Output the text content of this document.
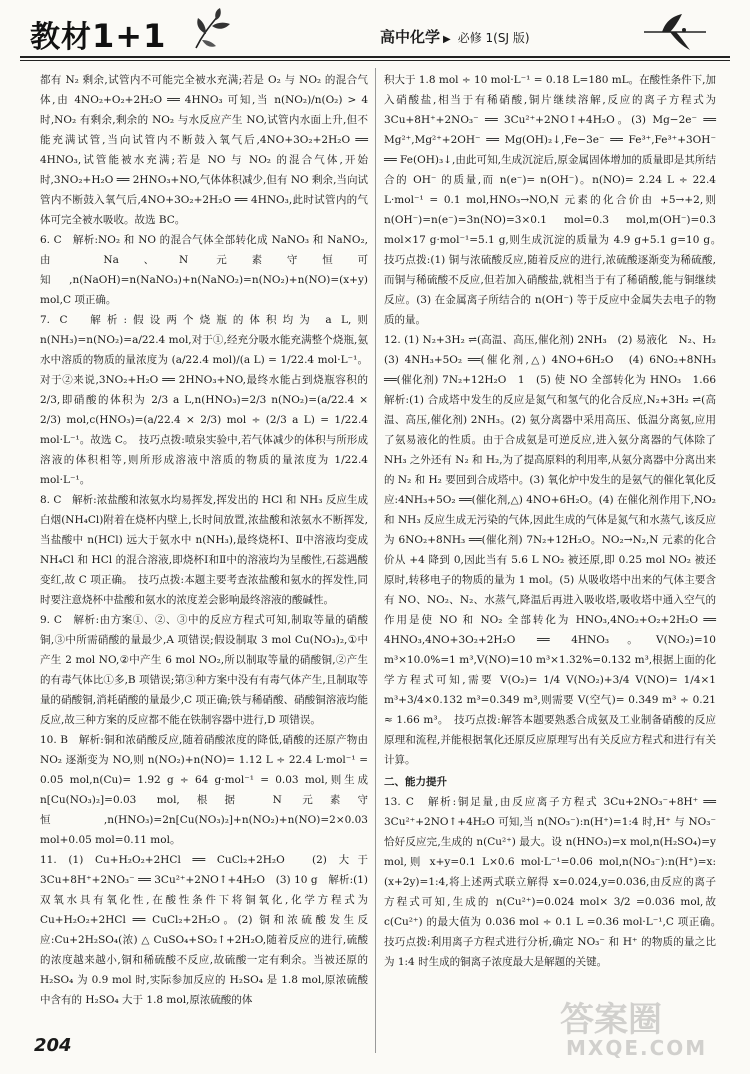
教材1+1	高中化学 ▶ 必修 1(SJ 版)

都有 N₂ 剩余,试管内不可能完全被水充满;若是 O₂ 与 NO₂ 的混合气体,由 4NO₂+O₂+2H₂O ══ 4HNO₃ 可知,当 n(NO₂)/n(O₂) > 4 时,NO₂ 有剩余,剩余的 NO₂ 与水反应产生 NO,试管内水面上升,但不能充满试管,当向试管内不断鼓入氧气后,4NO+3O₂+2H₂O ══ 4HNO₃,试管能被水充满;若是 NO 与 NO₂ 的混合气体,开始时,3NO₂+H₂O ══ 2HNO₃+NO,气体体积减少,但有 NO 剩余,当向试管内不断鼓入氧气后,4NO+3O₂+2H₂O ══ 4HNO₃,此时试管内的气体可完全被水吸收。故选 BC。

6. C　解析:NO₂ 和 NO 的混合气体全部转化成 NaNO₃ 和 NaNO₂,由 Na、N 元素守恒可知,n(NaOH)=n(NaNO₃)+n(NaNO₂)=n(NO₂)+n(NO)=(x+y) mol,C 项正确。

7. C　解析:假设两个烧瓶的体积均为 a L,则 n(NH₃)=n(NO₂)=a/22.4 mol,对于①,经充分吸水能充满整个烧瓶,氨水中溶质的物质的量浓度为 (a/22.4 mol)/(a L) = 1/22.4 mol·L⁻¹。对于②来说,3NO₂+H₂O ══ 2HNO₃+NO,最终水能占到烧瓶容积的 2/3,即硝酸的体积为 2/3 a L,n(HNO₃)=2/3 n(NO₂)=(a/22.4 × 2/3) mol,c(HNO₃)=(a/22.4 × 2/3) mol ÷ (2/3 a L) = 1/22.4 mol·L⁻¹。故选 C。　技巧点拨:喷泉实验中,若气体减少的体积与所形成溶液的体积相等,则所形成溶液中溶质的物质的量浓度为 1/22.4 mol·L⁻¹。

8. C　解析:浓盐酸和浓氨水均易挥发,挥发出的 HCl 和 NH₃ 反应生成白烟(NH₄Cl)附着在烧杯内壁上,长时间放置,浓盐酸和浓氨水不断挥发,当盐酸中 n(HCl) 远大于氨水中 n(NH₃),最终烧杯Ⅰ、Ⅱ中溶液均变成 NH₄Cl 和 HCl 的混合溶液,即烧杯Ⅰ和Ⅱ中的溶液均为呈酸性,石蕊遇酸变红,故 C 项正确。　技巧点拨:本题主要考查浓盐酸和氨水的挥发性,同时要注意烧杯中盐酸和氨水的浓度差会影响最终溶液的酸碱性。

9. C　解析:由方案①、②、③中的反应方程式可知,制取等量的硝酸铜,③中所需硝酸的量最少,A 项错误;假设制取 3 mol Cu(NO₃)₂,①中产生 2 mol NO,②中产生 6 mol NO₂,所以制取等量的硝酸铜,②产生的有毒气体比①多,B 项错误;第③种方案中没有有毒气体产生,且制取等量的硝酸铜,消耗硝酸的量最少,C 项正确;铁与稀硝酸、硝酸铜溶液均能反应,故三种方案的反应都不能在铁制容器中进行,D 项错误。

10. B　解析:铜和浓硝酸反应,随着硝酸浓度的降低,硝酸的还原产物由 NO₂ 逐渐变为 NO,则 n(NO₂)+n(NO)= 1.12 L ÷ 22.4 L·mol⁻¹ = 0.05 mol,n(Cu)= 1.92 g ÷ 64 g·mol⁻¹ = 0.03 mol,则生成 n[Cu(NO₃)₂]=0.03 mol,根据 N 元素守恒,n(HNO₃)=2n[Cu(NO₃)₂]+n(NO₂)+n(NO)=2×0.03 mol+0.05 mol=0.11 mol。

11. (1) Cu+H₂O₂+2HCl ══ CuCl₂+2H₂O　(2) 大于　3Cu+8H⁺+2NO₃⁻ ══ 3Cu²⁺+2NO↑+4H₂O　(3) 10 g　解析:(1) 双氧水具有氧化性,在酸性条件下将铜氧化,化学方程式为 Cu+H₂O₂+2HCl ══ CuCl₂+2H₂O。(2) 铜和浓硫酸发生反应:Cu+2H₂SO₄(浓) △ CuSO₄+SO₂↑+2H₂O,随着反应的进行,硫酸的浓度越来越小,铜和稀硫酸不反应,故硫酸一定有剩余。当被还原的 H₂SO₄ 为 0.9 mol 时,实际参加反应的 H₂SO₄ 是 1.8 mol,原浓硫酸中含有的 H₂SO₄ 大于 1.8 mol,原浓硫酸的体

积大于 1.8 mol ÷ 10 mol·L⁻¹ = 0.18 L=180 mL。在酸性条件下,加入硝酸盐,相当于有稀硝酸,铜片继续溶解,反应的离子方程式为 3Cu+8H⁺+2NO₃⁻ ══ 3Cu²⁺+2NO↑+4H₂O。(3) Mg−2e⁻ ══ Mg²⁺,Mg²⁺+2OH⁻ ══ Mg(OH)₂↓,Fe−3e⁻ ══ Fe³⁺,Fe³⁺+3OH⁻ ══ Fe(OH)₃↓,由此可知,生成沉淀后,原金属固体增加的质量即是其所结合的 OH⁻ 的质量,而 n(e⁻)= n(OH⁻)。n(NO)= 2.24 L ÷ 22.4 L·mol⁻¹ = 0.1 mol,HNO₃→NO,N 元素的化合价由 +5→+2,则 n(OH⁻)=n(e⁻)=3n(NO)=3×0.1 mol=0.3 mol,m(OH⁻)=0.3 mol×17 g·mol⁻¹=5.1 g,则生成沉淀的质量为 4.9 g+5.1 g=10 g。　技巧点拨:(1) 铜与浓硫酸反应,随着反应的进行,浓硫酸逐渐变为稀硫酸,而铜与稀硫酸不反应,但若加入硝酸盐,就相当于有了稀硝酸,能与铜继续反应。(3) 在金属离子所结合的 n(OH⁻) 等于反应中金属失去电子的物质的量。

12. (1) N₂+3H₂ ⇌(高温、高压,催化剂) 2NH₃　(2) 易液化　N₂、H₂　(3) 4NH₃+5O₂ ══(催化剂,△) 4NO+6H₂O　(4) 6NO₂+8NH₃ ══(催化剂) 7N₂+12H₂O　1　(5) 使 NO 全部转化为 HNO₃　1.66　解析:(1) 合成塔中发生的反应是氮气和氢气的化合反应,N₂+3H₂ ⇌(高温、高压,催化剂) 2NH₃。(2) 氨分离器中采用高压、低温分离氨,应用了氨易液化的性质。由于合成氨是可逆反应,进入氨分离器的气体除了 NH₃ 之外还有 N₂ 和 H₂,为了提高原料的利用率,从氨分离器中分离出来的 N₂ 和 H₂ 要回到合成塔中。(3) 氧化炉中发生的是氨气的催化氧化反应:4NH₃+5O₂ ══(催化剂,△) 4NO+6H₂O。(4) 在催化剂作用下,NO₂ 和 NH₃ 反应生成无污染的气体,因此生成的气体是氮气和水蒸气,该反应为 6NO₂+8NH₃ ══(催化剂) 7N₂+12H₂O。NO₂→N₂,N 元素的化合价从 +4 降到 0,因此当有 5.6 L NO₂ 被还原,即 0.25 mol NO₂ 被还原时,转移电子的物质的量为 1 mol。(5) 从吸收塔中出来的气体主要含有 NO、NO₂、N₂、水蒸气,降温后再进入吸收塔,吸收塔中通入空气的作用是使 NO 和 NO₂ 全部转化为 HNO₃,4NO₂+O₂+2H₂O ══ 4HNO₃,4NO+3O₂+2H₂O ══ 4HNO₃。V(NO₂)=10 m³×10.0%=1 m³,V(NO)=10 m³×1.32%=0.132 m³,根据上面的化学方程式可知,需要 V(O₂)= 1/4 V(NO₂)+3/4 V(NO)= 1/4×1 m³+3/4×0.132 m³=0.349 m³,则需要 V(空气)= 0.349 m³ ÷ 0.21 ≈ 1.66 m³。　技巧点拨:解答本题要熟悉合成氨及工业制备硝酸的反应原理和流程,并能根据氧化还原反应原理写出有关反应方程式和进行有关计算。

二、能力提升

13. C　解析:铜足量,由反应离子方程式 3Cu+2NO₃⁻+8H⁺ ══ 3Cu²⁺+2NO↑+4H₂O 可知,当 n(NO₃⁻):n(H⁺)=1:4 时,H⁺ 与 NO₃⁻ 恰好反应完,生成的 n(Cu²⁺) 最大。设 n(HNO₃)=x mol,n(H₂SO₄)=y mol,则 x+y=0.1 L×0.6 mol·L⁻¹=0.06 mol,n(NO₃⁻):n(H⁺)=x:(x+2y)=1:4,将上述两式联立解得 x=0.024,y=0.036,由反应的离子方程式可知,生成的 n(Cu²⁺)=0.024 mol× 3/2 =0.036 mol,故 c(Cu²⁺) 的最大值为 0.036 mol ÷ 0.1 L =0.36 mol·L⁻¹,C 项正确。　技巧点拨:利用离子方程式进行分析,确定 NO₃⁻ 和 H⁺ 的物质的量之比为 1:4 时生成的铜离子浓度最大是解题的关键。

204
答案圈
MXQE.COM
